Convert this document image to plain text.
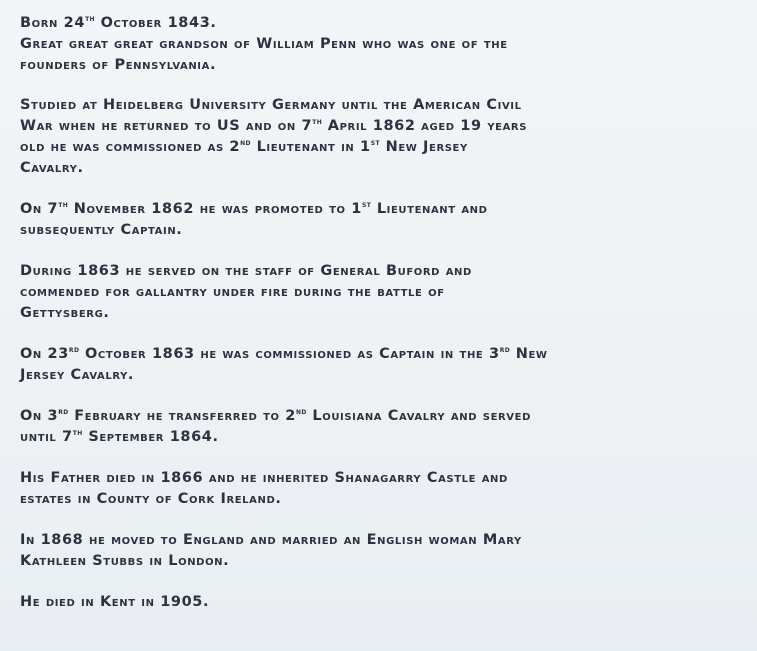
Born 24th October 1843.
Great great great grandson of William Penn who was one of the
founders of Pennsylvania.

Studied at Heidelberg University Germany until the American Civil
War when he returned to US and on 7th April 1862 aged 19 years
old he was commissioned as 2nd Lieutenant in 1st New Jersey
Cavalry.

On 7th November 1862 he was promoted to 1st Lieutenant and
subsequently Captain.

During 1863 he served on the staff of General Buford and
commended for gallantry under fire during the battle of
Gettysberg.

On 23rd October 1863 he was commissioned as Captain in the 3rd New
Jersey Cavalry.

On 3rd February he transferred to 2nd Louisiana Cavalry and served
until 7th September 1864.

His Father died in 1866 and he inherited Shanagarry Castle and
estates in County of Cork Ireland.

In 1868 he moved to England and married an English woman Mary
Kathleen Stubbs in London.

He died in Kent in 1905.
